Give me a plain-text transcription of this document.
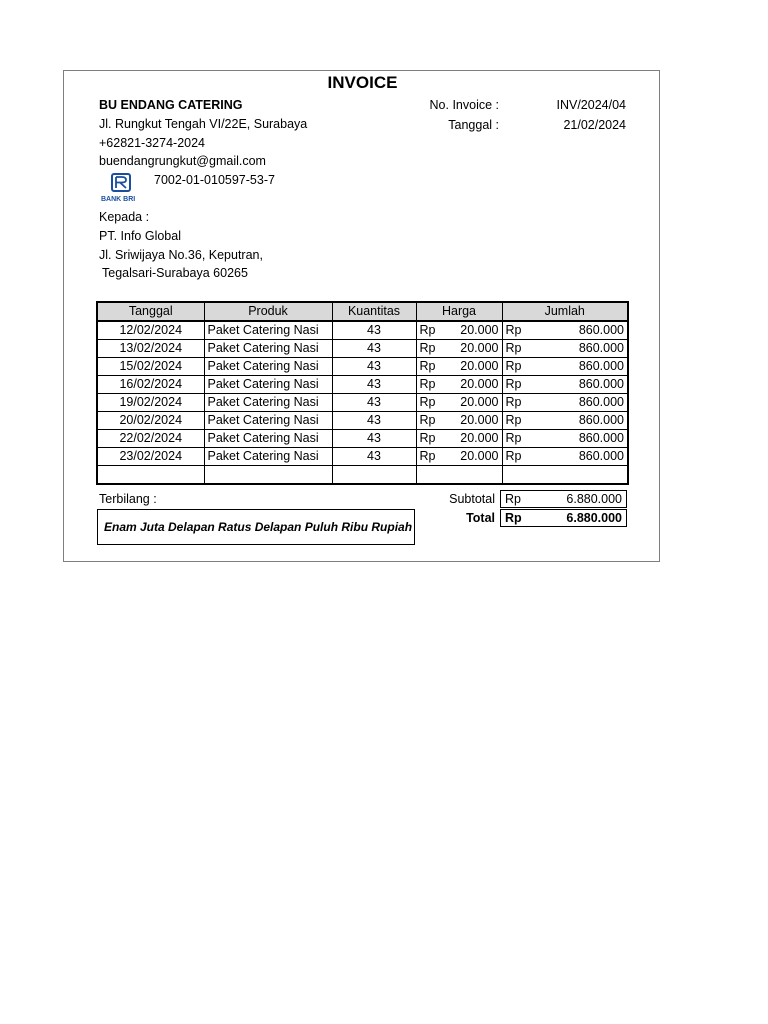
INVOICE
BU ENDANG CATERING
Jl. Rungkut Tengah VI/22E, Surabaya
+62821-3274-2024
buendangrungkut@gmail.com
BANK BRI
7002-01-010597-53-7
No. Invoice :	INV/2024/04
Tanggal :	21/02/2024
Kepada :
PT. Info Global
Jl. Sriwijaya No.36, Keputran,
Tegalsari-Surabaya 60265
Tanggal	Produk	Kuantitas	Harga	Jumlah
12/02/2024	Paket Catering Nasi	43	Rp 20.000	Rp 860.000

13/02/2024	Paket Catering Nasi	43	Rp 20.000	Rp 860.000

15/02/2024	Paket Catering Nasi	43	Rp 20.000	Rp 860.000

16/02/2024	Paket Catering Nasi	43	Rp 20.000	Rp 860.000

19/02/2024	Paket Catering Nasi	43	Rp 20.000	Rp 860.000

20/02/2024	Paket Catering Nasi	43	Rp 20.000	Rp 860.000

22/02/2024	Paket Catering Nasi	43	Rp 20.000	Rp 860.000

23/02/2024	Paket Catering Nasi	43	Rp 20.000	Rp 860.000

Terbilang :	Subtotal Rp	6.880.000
Total Rp	6.880.000
Enam Juta Delapan Ratus Delapan Puluh Ribu Rupiah
